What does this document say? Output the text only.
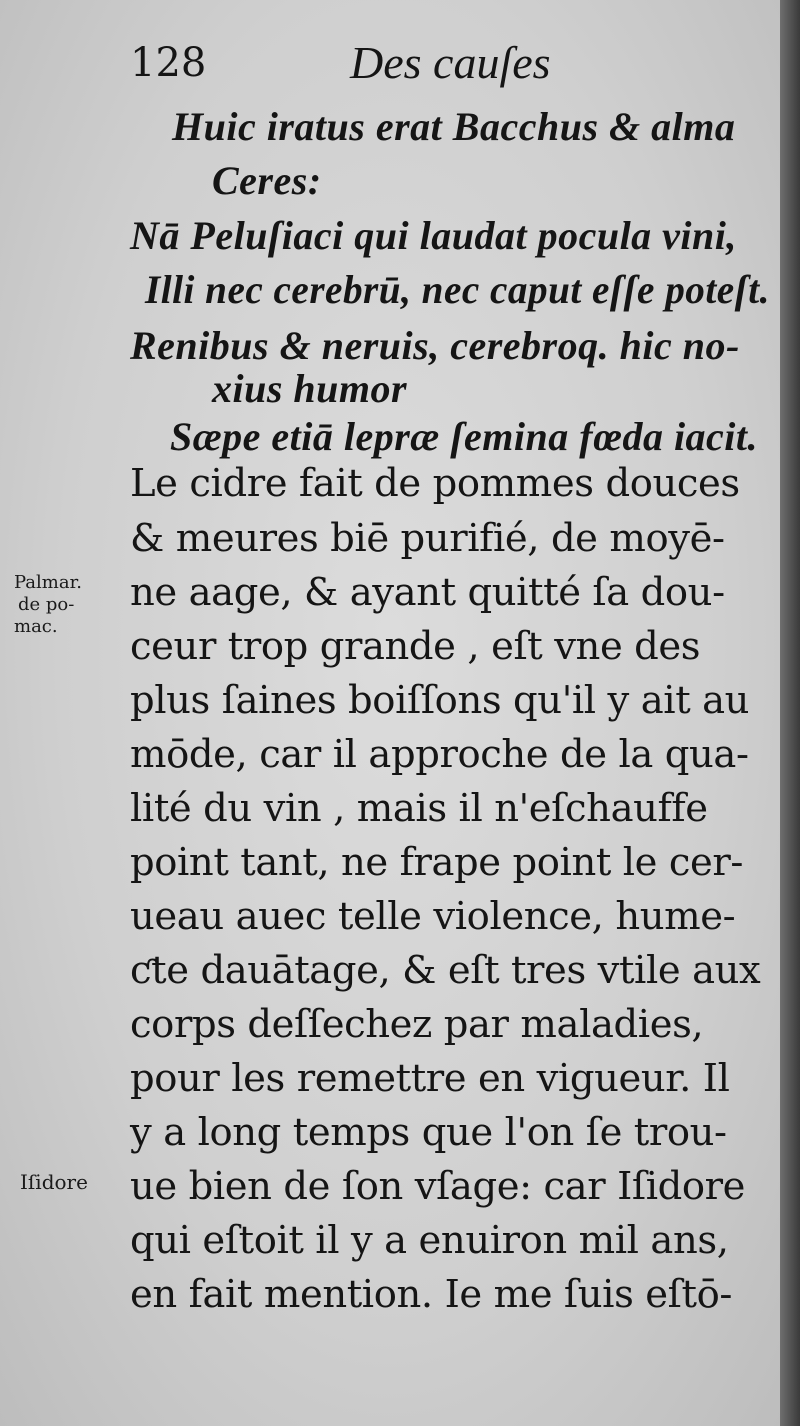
128	Des cauſes

Huic iratus erat Bacchus & alma

Ceres:

Nā Peluſiaci qui laudat pocula vini,

Illi nec cerebrū, nec caput eſſe poteſt.

Renibus & neruis, cerebroq. hic no-

xius humor

Sæpe etiā lepræ ſemina fœda iacit.

Le cidre fait de pommes douces

& meures biē purifié, de moyē-

ne aage, & ayant quitté ſa dou-

ceur trop grande , eſt vne des

plus ſaines boiſſons qu'il y ait au

mōde, car il approche de la qua-

lité du vin , mais il n'eſchauffe

point tant, ne frape point le cer-

ueau auec telle violence, hume-

ƈte dauātage, & eſt tres vtile aux

corps deſſechez par maladies,

pour les remettre en vigueur. Il

y a long temps que l'on ſe trou-

ue bien de ſon vſage: car Iſidore

qui eſtoit il y a enuiron mil ans,

en fait mention. Ie me ſuis eſtō-

Palmar.

de po-

mac.

Iſidore
